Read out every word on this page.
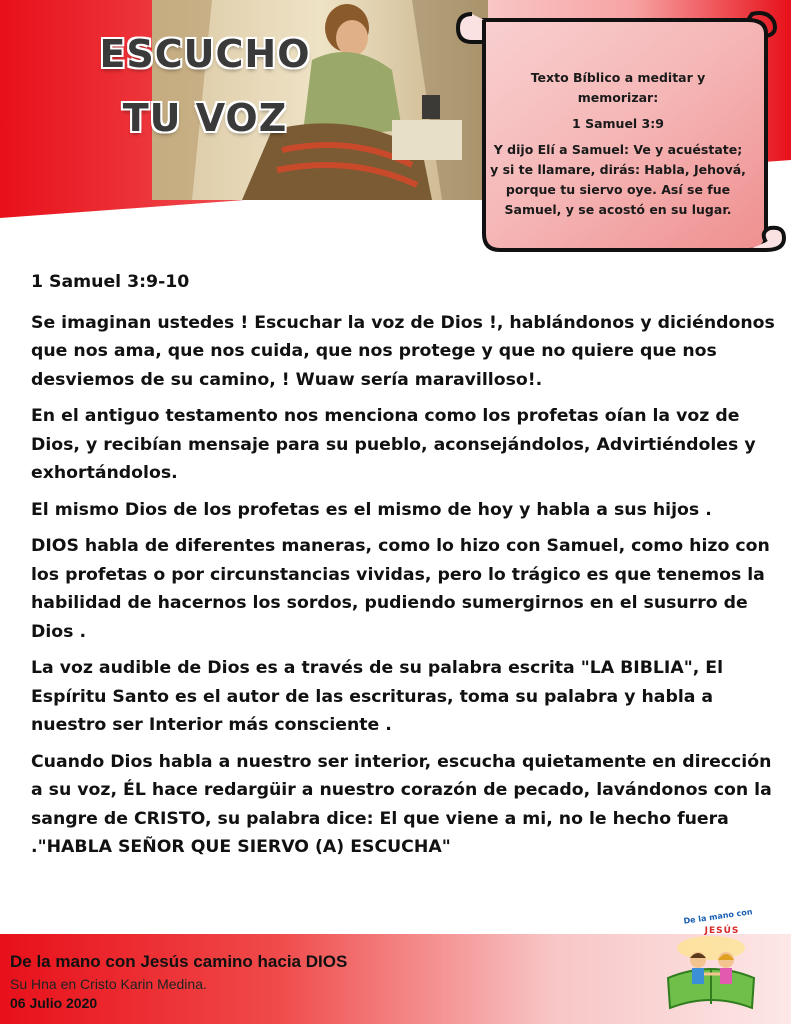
ESCUCHO
TU VOZ

Texto Bíblico a meditar y memorizar:

1 Samuel 3:9

Y dijo Elí a Samuel: Ve y acuéstate; y si te llamare, dirás: Habla, Jehová, porque tu siervo oye. Así se fue Samuel, y se acostó en su lugar.

1 Samuel 3:9-10

Se imaginan ustedes ! Escuchar la voz de Dios !, hablándonos y diciéndonos que nos ama, que nos cuida, que nos protege y que no quiere que nos desviemos de su camino, ! Wuaw sería maravilloso!.

En el antiguo testamento nos menciona como los profetas oían la voz de Dios, y recibían mensaje para su pueblo, aconsejándolos, Advirtiéndoles y exhortándolos.

El mismo Dios de los profetas es el mismo de hoy y habla a sus hijos .

DIOS habla de diferentes maneras, como lo hizo con Samuel, como hizo con los profetas o por circunstancias vividas, pero lo trágico es que tenemos la habilidad de hacernos los sordos, pudiendo sumergirnos en el susurro de Dios .

La voz audible de Dios es a través de su palabra escrita "LA BIBLIA", El Espíritu Santo es el autor de las escrituras, toma su palabra y habla a nuestro ser Interior más consciente .

Cuando Dios habla a nuestro ser interior, escucha quietamente en dirección a su voz, ÉL hace redargüir a nuestro corazón de pecado, lavándonos con la sangre de CRISTO, su palabra dice: El que viene a mi, no le hecho fuera ."HABLA SEÑOR QUE SIERVO (A) ESCUCHA"

De la mano con Jesús camino hacia DIOS
Su Hna en Cristo Karin Medina.
06 Julio 2020
De la mano con
JESÚS
